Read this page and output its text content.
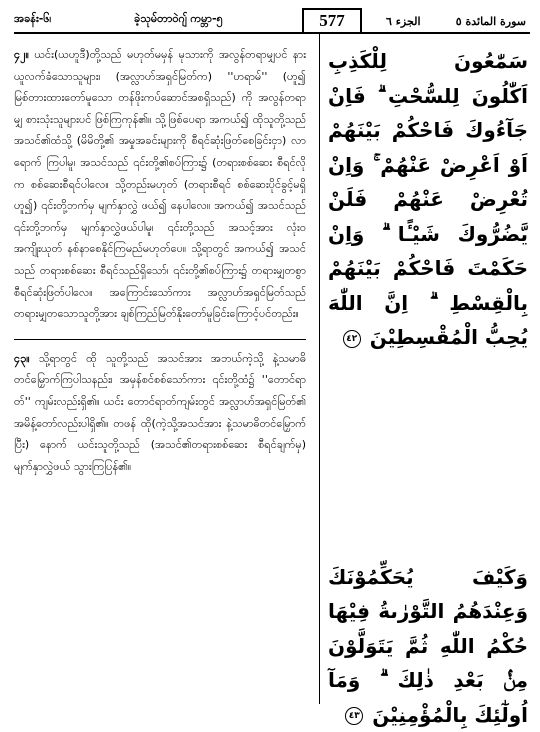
အခန်း-၆၊	ခဲ့သုမ်တာဝဲဂျ် ကမ္ဘာ-၅	577	الجزء ٦	سورة المائدة ٥

၄၂။ ယင်း(ယဟူဒီ)တို့သည် မဟုတ်မမှန် မုသားကို အလွန်တရာမျှပင် နားယူလက်ခံသောသူများ၊ (အလ္လာဟ်အရှင်မြတ်က) ''ဟရာမ်'' (ဟူ၍ မြစ်တားထားတော်မူသော တန်ဖိုးကပ်ဆောင်အစရှိသည်) ကို အလွန်တရာမျှ စားသုံးသူများပင် ဖြစ်ကြကုန်၏။ သို့ဖြစ်ပေရာ အကယ်၍ ထိုသူတို့သည် အသင်၏ထံသို့ (မိမိတို့၏ အမှုအခင်းများကို စီရင်ဆုံးဖြတ်စေခြင်းငှာ) လာရောက် ကြပါမူ၊ အသင်သည် ၎င်းတို့၏စပ်ကြား၌ (တရားစစ်ဆေး စီရင်လိုက စစ်ဆေးစီရင်ပါလေ။ သို့တည်းမဟုတ် (တရားစီရင် စစ်ဆေးပိုင်ခွင့်မရှိဟူ၍) ၎င်းတို့ဘက်မှ မျက်နှာလွှဲ ဖယ်၍ နေပါလေ။ အကယ်၍ အသင်သည် ၎င်းတို့ဘက်မှ မျက်နှာလွှဲဖယ်ပါမူ၊ ၎င်းတို့သည် အသင့်အား လုံးဝ အကျိုးယုတ် နစ်နာစေနိုင်ကြမည်မဟုတ်ပေ။ သို့ရာတွင် အကယ်၍ အသင်သည် တရားစစ်ဆေး စီရင်သည်ရှိသော်၊ ၎င်းတို့၏စပ်ကြား၌ တရားမျှတစွာ စီရင်ဆုံးဖြတ်ပါလေ။ အကြောင်းသော်ကား အလ္လာဟ်အရှင်မြတ်သည် တရားမျှတသောသူတို့အား ချစ်ကြည်မြတ်နိုးတော်မူခြင်းကြောင့်ပင်တည်း။

၄၃။ သို့ရာတွင် ထို သူတို့သည် အသင်အား အဘယ်ကဲ့သို့ နဲ့သမာဓိ တင်မြှောက်ကြပါသနည်း၊ အမှန်စင်စစ်သော်ကား ၎င်းတို့ထံ၌ ''တောင်ရာတ်'' ကျမ်းလည်းရှိ၏။ ယင်း တောင်ရာတ်ကျမ်းတွင် အလ္လာဟ်အရှင်မြတ်၏ အမိန့်တော်လည်းပါရှိ၏။ တဖန် ထို(ကဲ့သို့အသင်အား နဲ့သမာဓိတင်မြှောက်ပြီး) နောက် ယင်းသူတို့သည် (အသင်၏တရားစစ်ဆေး စီရင်ချက်မှ) မျက်နှာလွှဲဖယ် သွားကြပြန်၏။

سَمّٰعُونَ لِلْكَذِبِ اَكّٰلُونَ لِلسُّحْتِ ۗ فَاِنْ جَآءُوكَ فَاحْكُمْ بَيْنَهُمْ اَوْ اَعْرِضْ عَنْهُمْ ۚ وَاِنْ تُعْرِضْ عَنْهُمْ فَلَنْ يَّضُرُّوكَ شَيْـًٔا ۗ وَاِنْ حَكَمْتَ فَاحْكُمْ بَيْنَهُمْ بِالْقِسْطِ ۗ اِنَّ اللّٰهَ يُحِبُّ الْمُقْسِطِيْنَ ٤٢

وَكَيْفَ يُحَكِّمُوْنَكَ وَعِنْدَهُمُ التَّوْرٰىةُ فِيْهَا حُكْمُ اللّٰهِ ثُمَّ يَتَوَلَّوْنَ مِنْۢ بَعْدِ ذٰلِكَ ۗ وَمَآ اُولٰٓئِكَ بِالْمُؤْمِنِيْنَ ٤٣
